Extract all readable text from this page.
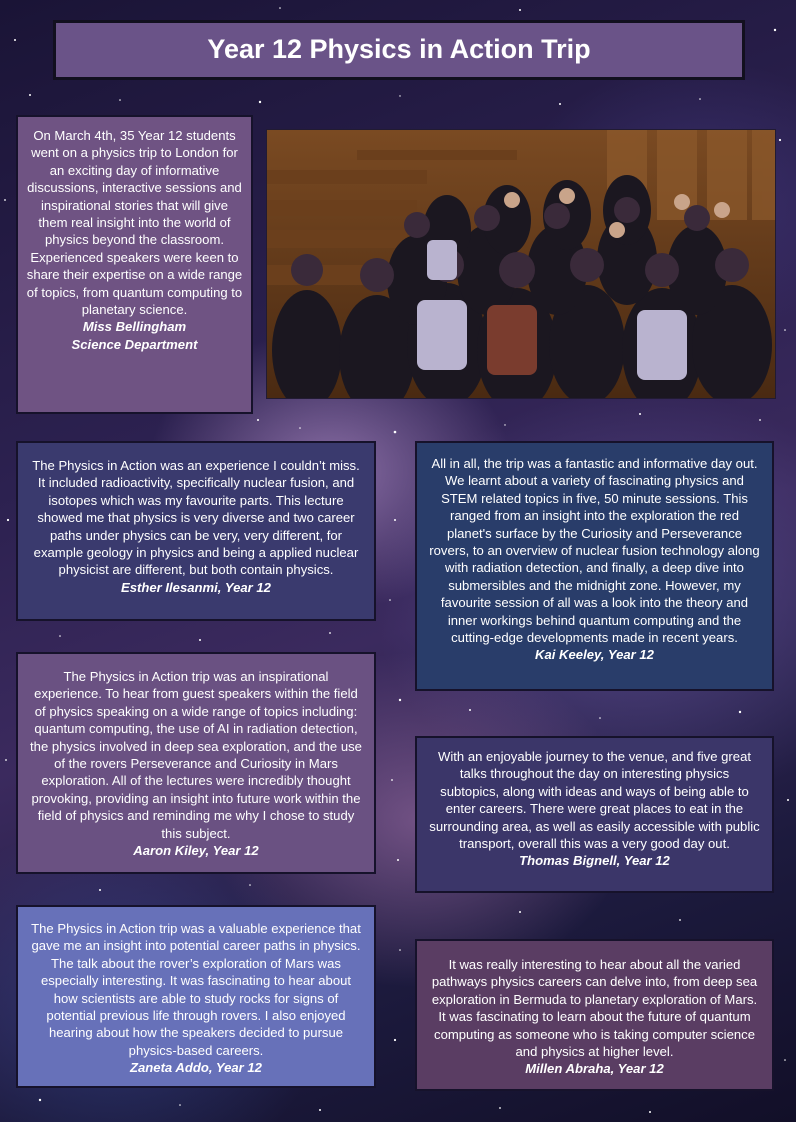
Year 12 Physics in Action Trip
On March 4th, 35 Year 12 students went on a physics trip to London for an exciting day of informative discussions, interactive sessions and inspirational stories that will give them real insight into the world of physics beyond the classroom. Experienced speakers were keen to share their expertise on a wide range of topics, from quantum computing to planetary science.
Miss Bellingham
Science Department
The Physics in Action was an experience I couldn’t miss. It included radioactivity, specifically nuclear fusion, and isotopes which was my favourite parts. This lecture showed me that physics is very diverse and two career paths under physics can be very, very different, for example geology in physics and being a applied nuclear physicist are different, but both contain physics.
Esther Ilesanmi, Year 12
All in all, the trip was a fantastic and informative day out. We learnt about a variety of fascinating physics and STEM related topics in five, 50 minute sessions. This ranged from an insight into the exploration the red planet's surface by the Curiosity and Perseverance rovers, to an overview of nuclear fusion technology along with radiation detection, and finally, a deep dive into submersibles and the midnight zone. However, my favourite session of all was a look into the theory and inner workings behind quantum computing and the cutting-edge developments made in recent years.
Kai Keeley, Year 12
The Physics in Action trip was an inspirational experience. To hear from guest speakers within the field of physics speaking on a wide range of topics including: quantum computing, the use of AI in radiation detection, the physics involved in deep sea exploration, and the use of the rovers Perseverance and Curiosity in Mars exploration. All of the lectures were incredibly thought provoking, providing an insight into future work within the field of physics and reminding me why I chose to study this subject.
Aaron Kiley, Year 12
With an enjoyable journey to the venue, and five great talks throughout the day on interesting physics subtopics, along with ideas and ways of being able to enter careers. There were great places to eat in the surrounding area, as well as easily accessible with public transport, overall this was a very good day out.
Thomas Bignell, Year 12
The Physics in Action trip was a valuable experience that gave me an insight into potential career paths in physics. The talk about the rover’s exploration of Mars was especially interesting. It was fascinating to hear about how scientists are able to study rocks for signs of potential previous life through rovers. I also enjoyed hearing about how the speakers decided to pursue physics-based careers.
Zaneta Addo, Year 12
It was really interesting to hear about all the varied pathways physics careers can delve into, from deep sea exploration in Bermuda to planetary exploration of Mars. It was fascinating to learn about the future of quantum computing as someone who is taking computer science and physics at higher level.
Millen Abraha, Year 12
